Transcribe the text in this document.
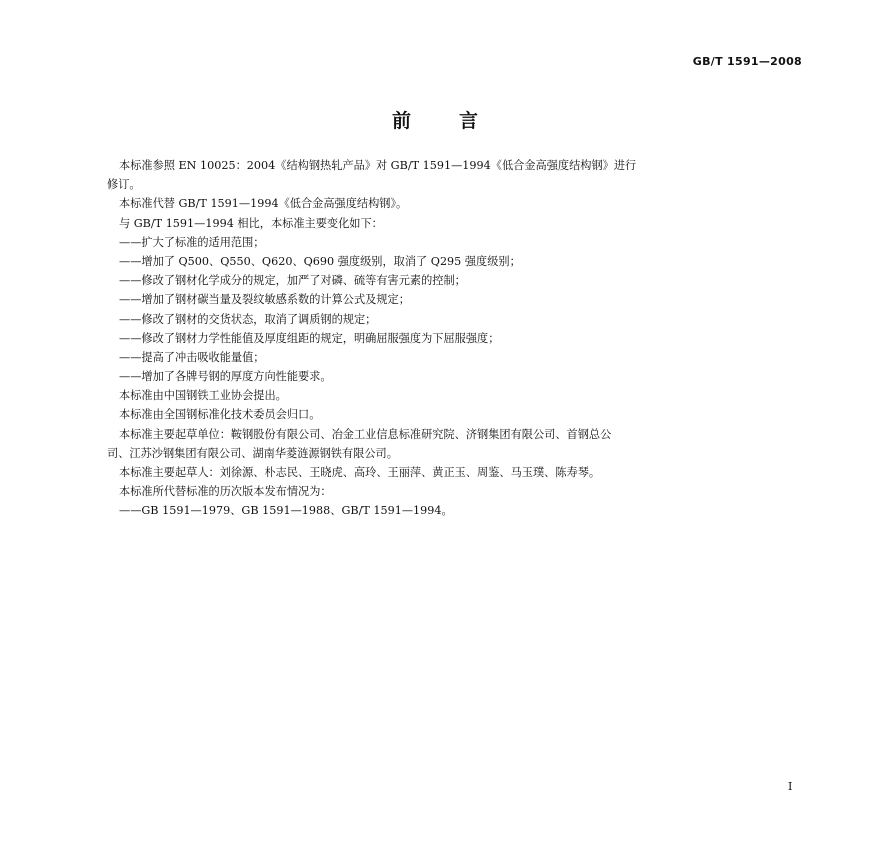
GB/T 1591—2008
前	言
本标准参照 EN 10025：2004《结构钢热轧产品》对 GB/T 1591—1994《低合金高强度结构钢》进行
修订。
本标准代替 GB/T 1591—1994《低合金高强度结构钢》。
与 GB/T 1591—1994 相比，本标准主要变化如下：
——扩大了标准的适用范围；
——增加了 Q500、Q550、Q620、Q690 强度级别，取消了 Q295 强度级别；
——修改了钢材化学成分的规定，加严了对磷、硫等有害元素的控制；
——增加了钢材碳当量及裂纹敏感系数的计算公式及规定；
——修改了钢材的交货状态，取消了调质钢的规定；
——修改了钢材力学性能值及厚度组距的规定，明确屈服强度为下屈服强度；
——提高了冲击吸收能量值；
——增加了各牌号钢的厚度方向性能要求。
本标准由中国钢铁工业协会提出。
本标准由全国钢标准化技术委员会归口。
本标准主要起草单位：鞍钢股份有限公司、冶金工业信息标准研究院、济钢集团有限公司、首钢总公
司、江苏沙钢集团有限公司、湖南华菱涟源钢铁有限公司。
本标准主要起草人：刘徐源、朴志民、王晓虎、高玲、王丽萍、黄正玉、周鉴、马玉璞、陈寿琴。
本标准所代替标准的历次版本发布情况为：
——GB 1591—1979、GB 1591—1988、GB/T 1591—1994。
I
